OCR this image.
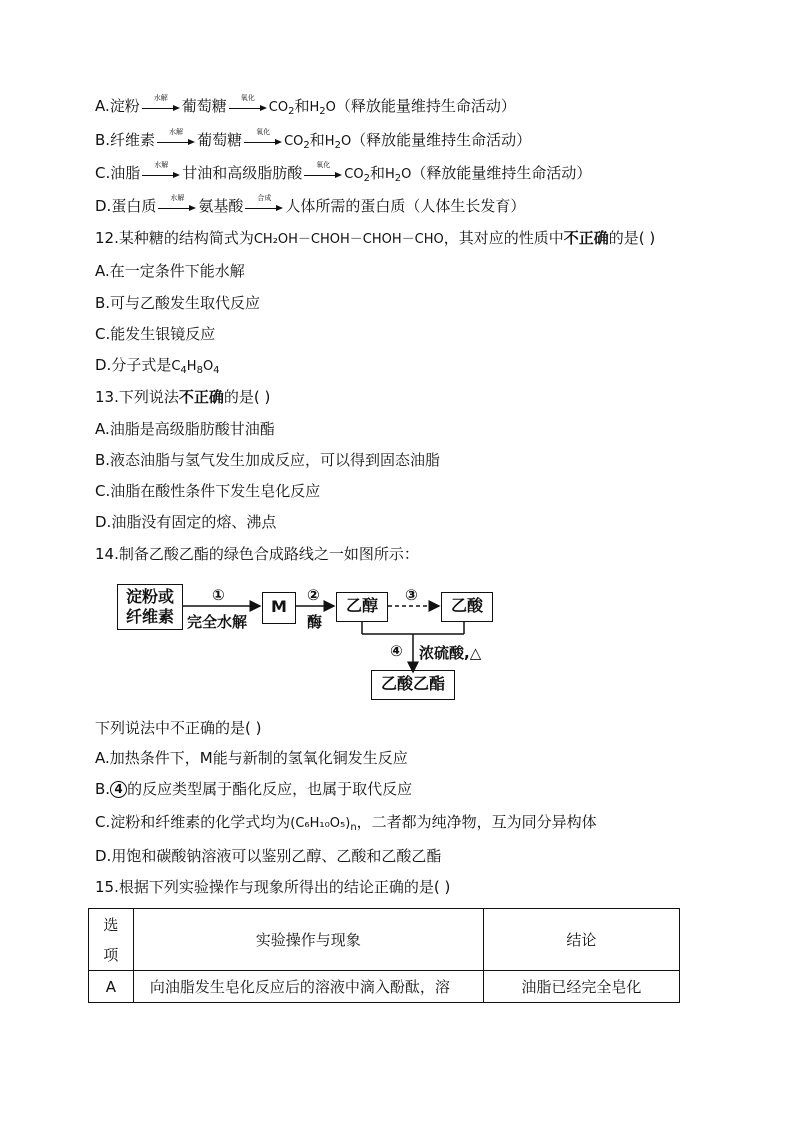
A.淀粉	水解 葡萄糖	氧化
$CO_2$和$H_2O$（释放能量维持生命活动）
B.纤维素	水解 葡萄糖	氧化
$CO_2$和$H_2O$（释放能量维持生命活动）
C.油脂	水解 甘油和高级脂肪酸	氧化
$CO_2$和$H_2O$（释放能量维持生命活动）
D.蛋白质	水解 氨基酸	合成 人体所需的蛋白质（人体生长发育）
12.某种糖的结构简式为CH₂OH－CHOH－CHOH－CHO，其对应的性质中不正确的是( )
A.在一定条件下能水解
B.可与乙酸发生取代反应
C.能发生银镜反应
D.分子式是$C_4H_8O_4$
13.下列说法不正确的是( )
A.油脂是高级脂肪酸甘油酯
B.液态油脂与氢气发生加成反应，可以得到固态油脂
C.油脂在酸性条件下发生皂化反应
D.油脂没有固定的熔、沸点
14.制备乙酸乙酯的绿色合成路线之一如图所示：
淀粉或
纤维素
①
完全水解
M
②
酶
乙醇
③
乙酸
④ 浓硫酸,△
乙酸乙酯
下列说法中不正确的是( )
A.加热条件下，M能与新制的氢氧化铜发生反应
B. 4 的反应类型属于酯化反应，也属于取代反应
C.淀粉和纤维素的化学式均为$(C_6H_{10}O_5)_n$，二者都为纯净物，互为同分异构体
D.用饱和碳酸钠溶液可以鉴别乙醇、乙酸和乙酸乙酯
15.根据下列实验操作与现象所得出的结论正确的是( )
选
项	实验操作与现象	结论
A	向油脂发生皂化反应后的溶液中滴入酚酞，溶	油脂已经完全皂化
